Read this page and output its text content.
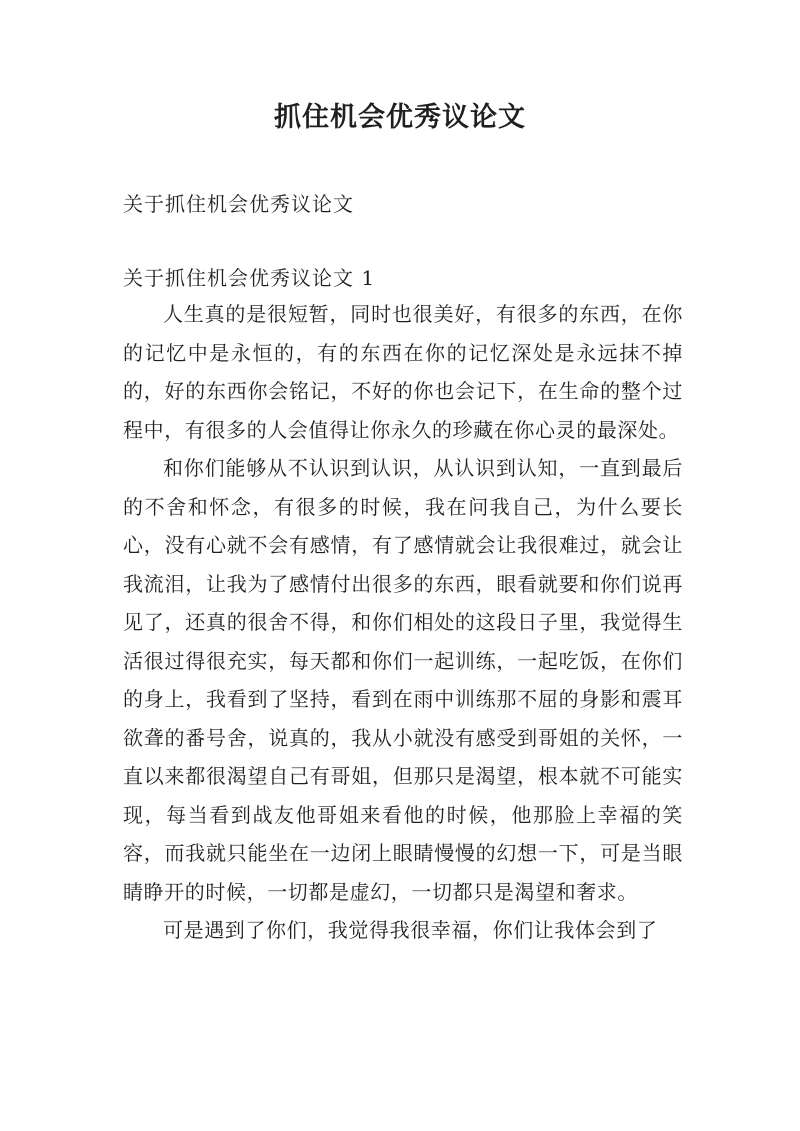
抓住机会优秀议论文

关于抓住机会优秀议论文

关于抓住机会优秀议论文 1

人生真的是很短暂，同时也很美好，有很多的东西，在你的记忆中是永恒的，有的东西在你的记忆深处是永远抹不掉的，好的东西你会铭记，不好的你也会记下，在生命的整个过程中，有很多的人会值得让你永久的珍藏在你心灵的最深处。

和你们能够从不认识到认识，从认识到认知，一直到最后的不舍和怀念，有很多的时候，我在问我自己，为什么要长心，没有心就不会有感情，有了感情就会让我很难过，就会让我流泪，让我为了感情付出很多的东西，眼看就要和你们说再见了，还真的很舍不得，和你们相处的这段日子里，我觉得生活很过得很充实，每天都和你们一起训练，一起吃饭，在你们的身上，我看到了坚持，看到在雨中训练那不屈的身影和震耳欲聋的番号舍，说真的，我从小就没有感受到哥姐的关怀，一直以来都很渴望自己有哥姐，但那只是渴望，根本就不可能实现，每当看到战友他哥姐来看他的时候，他那脸上幸福的笑容，而我就只能坐在一边闭上眼睛慢慢的幻想一下，可是当眼睛睁开的时候，一切都是虚幻，一切都只是渴望和奢求。

可是遇到了你们，我觉得我很幸福，你们让我体会到了
